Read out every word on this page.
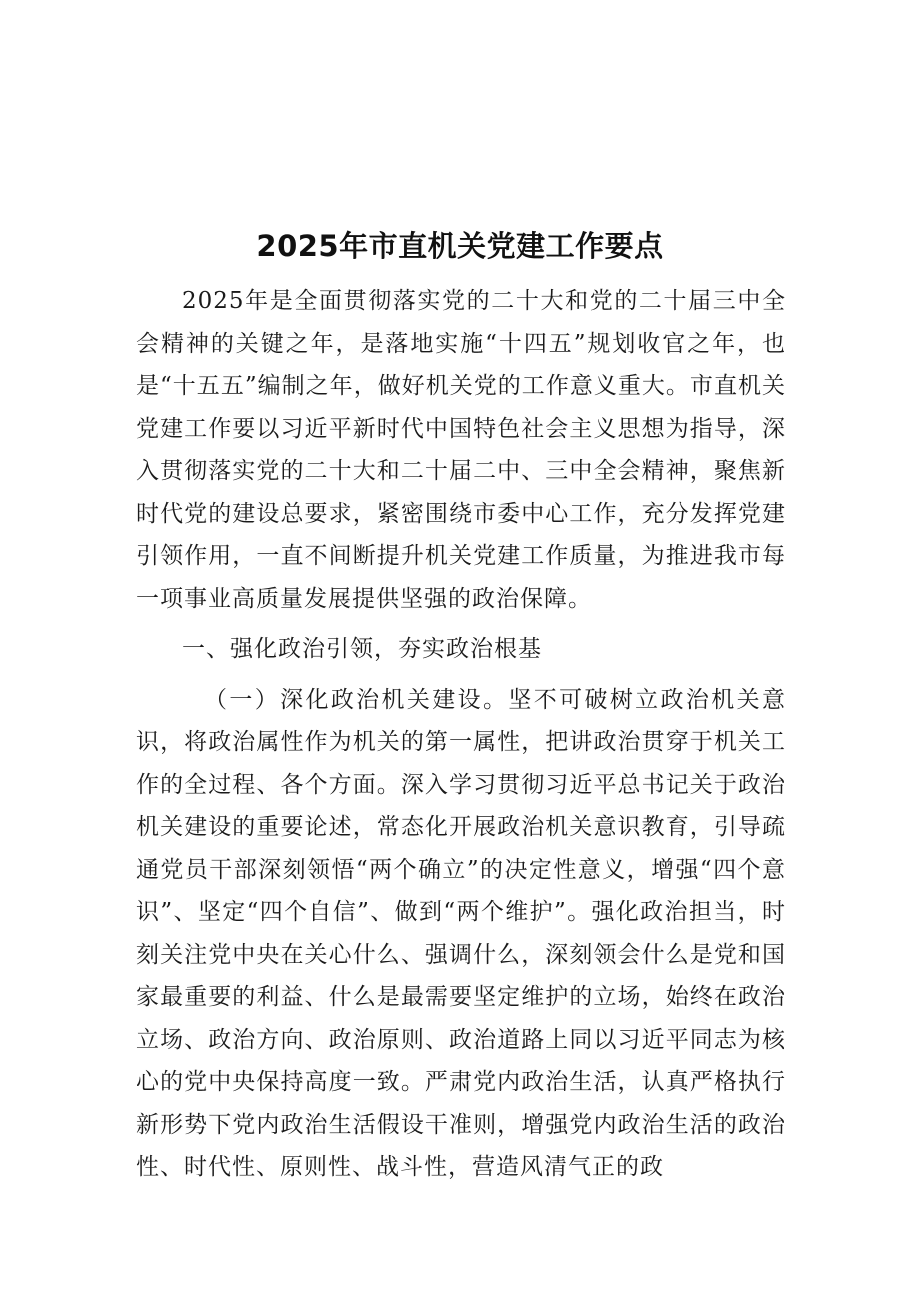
2025年市直机关党建工作要点

2025年是全面贯彻落实党的二十大和党的二十届三中全会精神的关键之年，是落地实施“十四五”规划收官之年，也是“十五五”编制之年，做好机关党的工作意义重大。市直机关党建工作要以习近平新时代中国特色社会主义思想为指导，深入贯彻落实党的二十大和二十届二中、三中全会精神，聚焦新时代党的建设总要求，紧密围绕市委中心工作，充分发挥党建引领作用，一直不间断提升机关党建工作质量，为推进我市每一项事业高质量发展提供坚强的政治保障。

一、强化政治引领，夯实政治根基

（一）深化政治机关建设。坚不可破树立政治机关意识，将政治属性作为机关的第一属性，把讲政治贯穿于机关工作的全过程、各个方面。深入学习贯彻习近平总书记关于政治机关建设的重要论述，常态化开展政治机关意识教育，引导疏通党员干部深刻领悟“两个确立”的决定性意义，增强“四个意识”、坚定“四个自信”、做到“两个维护”。强化政治担当，时刻关注党中央在关心什么、强调什么，深刻领会什么是党和国家最重要的利益、什么是最需要坚定维护的立场，始终在政治立场、政治方向、政治原则、政治道路上同以习近平同志为核心的党中央保持高度一致。严肃党内政治生活，认真严格执行新形势下党内政治生活假设干准则，增强党内政治生活的政治性、时代性、原则性、战斗性，营造风清气正的政
